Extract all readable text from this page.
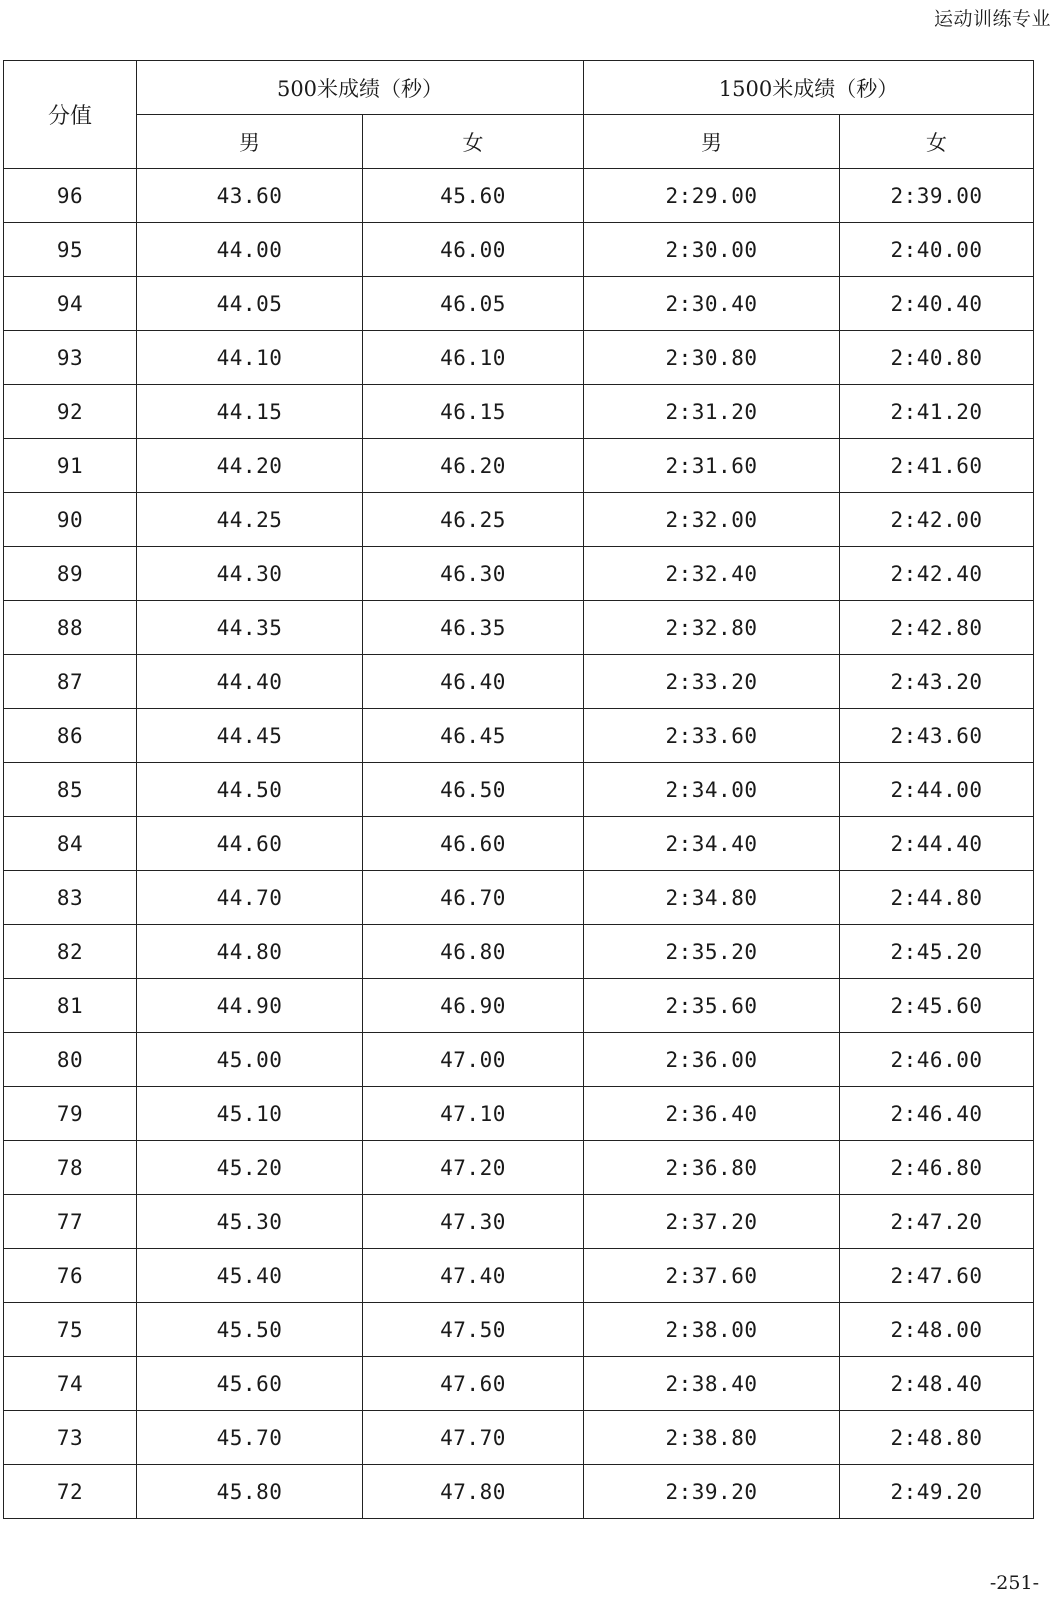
运动训练专业
分值	500米成绩（秒）		1500米成绩（秒）	
	男	女	男	女
96	43.60	45.60	2:29.00	2:39.00
95	44.00	46.00	2:30.00	2:40.00
94	44.05	46.05	2:30.40	2:40.40
93	44.10	46.10	2:30.80	2:40.80
92	44.15	46.15	2:31.20	2:41.20
91	44.20	46.20	2:31.60	2:41.60
90	44.25	46.25	2:32.00	2:42.00
89	44.30	46.30	2:32.40	2:42.40
88	44.35	46.35	2:32.80	2:42.80
87	44.40	46.40	2:33.20	2:43.20
86	44.45	46.45	2:33.60	2:43.60
85	44.50	46.50	2:34.00	2:44.00
84	44.60	46.60	2:34.40	2:44.40
83	44.70	46.70	2:34.80	2:44.80
82	44.80	46.80	2:35.20	2:45.20
81	44.90	46.90	2:35.60	2:45.60
80	45.00	47.00	2:36.00	2:46.00
79	45.10	47.10	2:36.40	2:46.40
78	45.20	47.20	2:36.80	2:46.80
77	45.30	47.30	2:37.20	2:47.20
76	45.40	47.40	2:37.60	2:47.60
75	45.50	47.50	2:38.00	2:48.00
74	45.60	47.60	2:38.40	2:48.40
73	45.70	47.70	2:38.80	2:48.80
72	45.80	47.80	2:39.20	2:49.20
-251-
